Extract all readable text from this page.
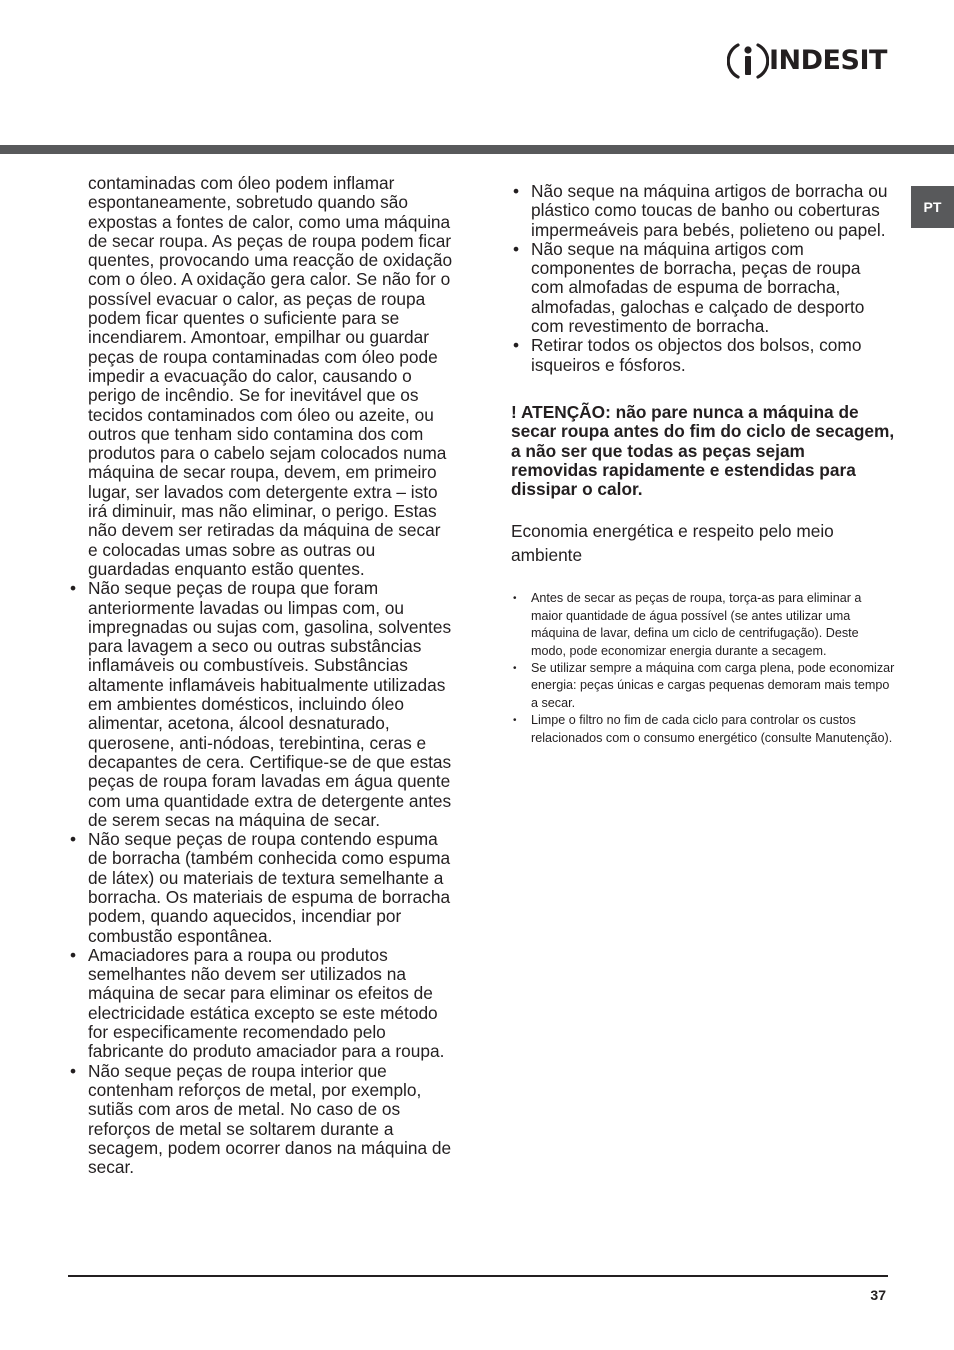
INDESIT
PT

contaminadas com óleo podem inflamar espontaneamente, sobretudo quando são expostas a fontes de calor, como uma máquina de secar roupa. As peças de roupa podem ficar quentes, provocando uma reacção de oxidação com o óleo. A oxidação gera calor. Se não for o possível evacuar o calor, as peças de roupa podem ficar quentes o suficiente para se incendiarem. Amontoar, empilhar ou guardar peças de roupa contaminadas com óleo pode impedir a evacuação do calor, causando o perigo de incêndio. Se for inevitável que os tecidos contaminados com óleo ou azeite, ou outros que tenham sido contamina dos com produtos para o cabelo sejam colocados numa máquina de secar roupa, devem, em primeiro lugar, ser lavados com detergente extra – isto irá diminuir, mas não eliminar, o perigo. Estas não devem ser retiradas da máquina de secar e colocadas umas sobre as outras ou guardadas enquanto estão quentes.

• Não seque peças de roupa que foram anteriormente lavadas ou limpas com, ou impregnadas ou sujas com, gasolina, solventes para lavagem a seco ou outras substâncias inflamáveis ou combustíveis. Substâncias altamente inflamáveis habitualmente utilizadas em ambientes domésticos, incluindo óleo alimentar, acetona, álcool desnaturado, querosene, anti-nódoas, terebintina, ceras e decapantes de cera. Certifique-se de que estas peças de roupa foram lavadas em água quente com uma quantidade extra de detergente antes de serem secas na máquina de secar.
• Não seque peças de roupa contendo espuma de borracha (também conhecida como espuma de látex) ou materiais de textura semelhante a borracha. Os materiais de espuma de borracha podem, quando aquecidos, incendiar por combustão espontânea.
• Amaciadores para a roupa ou produtos semelhantes não devem ser utilizados na máquina de secar para eliminar os efeitos de electricidade estática excepto se este método for especificamente recomendado pelo fabricante do produto amaciador para a roupa.
• Não seque peças de roupa interior que contenham reforços de metal, por exemplo, sutiãs com aros de metal. No caso de os reforços de metal se soltarem durante a secagem, podem ocorrer danos na máquina de secar.
• Não seque na máquina artigos de borracha ou plástico como toucas de banho ou coberturas impermeáveis para bebés, polieteno ou papel.
• Não seque na máquina artigos com componentes de borracha, peças de roupa com almofadas de espuma de borracha, almofadas, galochas e calçado de desporto com revestimento de borracha.
• Retirar todos os objectos dos bolsos, como isqueiros e fósforos.
! ATENÇÃO: não pare nunca a máquina de secar roupa antes do fim do ciclo de secagem, a não ser que todas as peças sejam removidas rapidamente e estendidas para dissipar o calor.
Economia energética e respeito pelo meio ambiente
• Antes de secar as peças de roupa, torça-as para eliminar a maior quantidade de água possível (se antes utilizar uma máquina de lavar, defina um ciclo de centrifugação). Deste modo, pode economizar energia durante a secagem.
• Se utilizar sempre a máquina com carga plena, pode economizar energia: peças únicas e cargas pequenas demoram mais tempo a secar.
• Limpe o filtro no fim de cada ciclo para controlar os custos relacionados com o consumo energético (consulte Manutenção).
37
